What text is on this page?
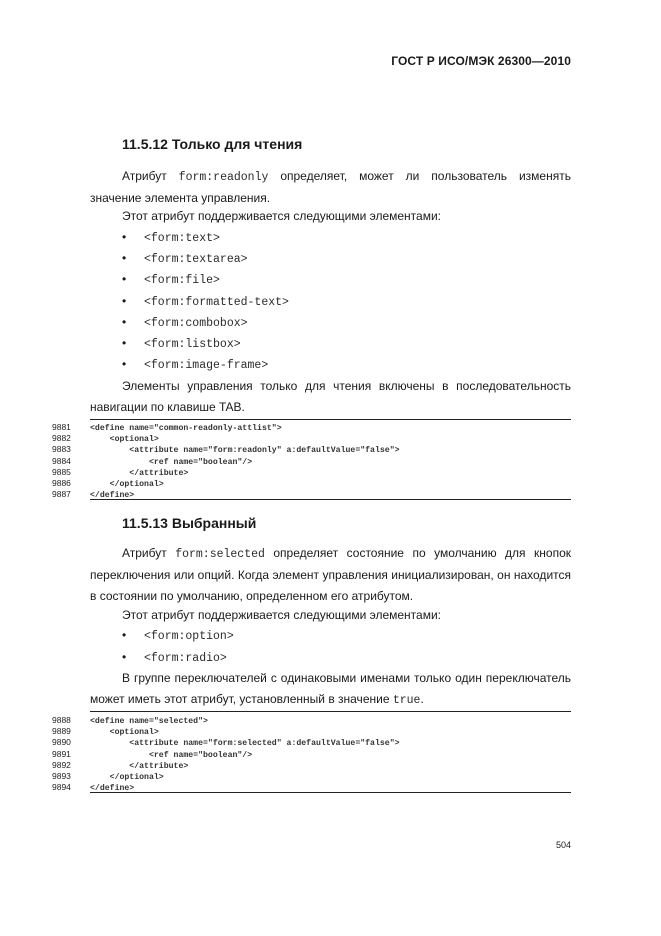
ГОСТ Р ИСО/МЭК 26300—2010
11.5.12 Только для чтения
Атрибут form:readonly определяет, может ли пользователь изменять значение элемента управления.
Этот атрибут поддерживается следующими элементами:
• <form:text>
• <form:textarea>
• <form:file>
• <form:formatted-text>
• <form:combobox>
• <form:listbox>
• <form:image-frame>
Элементы управления только для чтения включены в последовательность навигации по клавише TAB.
9881 <define name="common-readonly-attlist">
9882    <optional>
9883        <attribute name="form:readonly" a:defaultValue="false">
9884            <ref name="boolean"/>
9885        </attribute>
9886    </optional>
9887 </define>
11.5.13 Выбранный
Атрибут form:selected определяет состояние по умолчанию для кнопок переключения или опций. Когда элемент управления инициализирован, он находится в состоянии по умолчанию, определенном его атрибутом.
Этот атрибут поддерживается следующими элементами:
• <form:option>
• <form:radio>
В группе переключателей с одинаковыми именами только один переключатель может иметь этот атрибут, установленный в значение true.
9888 <define name="selected">
9889    <optional>
9890        <attribute name="form:selected" a:defaultValue="false">
9891            <ref name="boolean"/>
9892        </attribute>
9893    </optional>
9894 </define>
504
